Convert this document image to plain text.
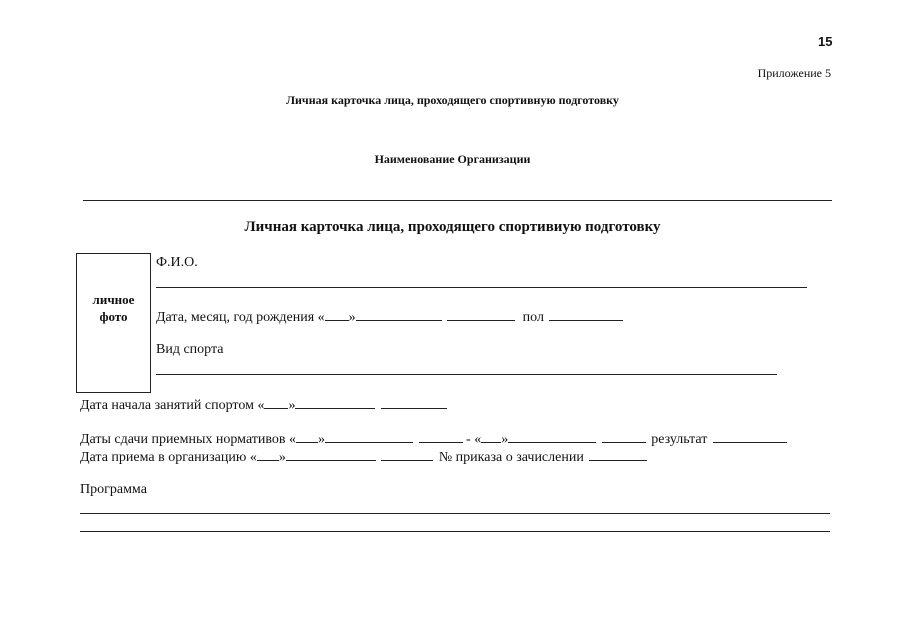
15
Приложение 5
Личная карточка лица, проходящего спортивную подготовку
Наименование Организации
Личная карточка лица, проходящего спортивиую подготовку
личное
фото
Ф.И.О.
Дата, месяц, год рождения « »	пол
Вид спорта
Дата начала занятий спортом « »
Даты сдачи приемных нормативов « »	- « »	результат
Дата приема в организацию « »	№ приказа о зачислении
Программа
